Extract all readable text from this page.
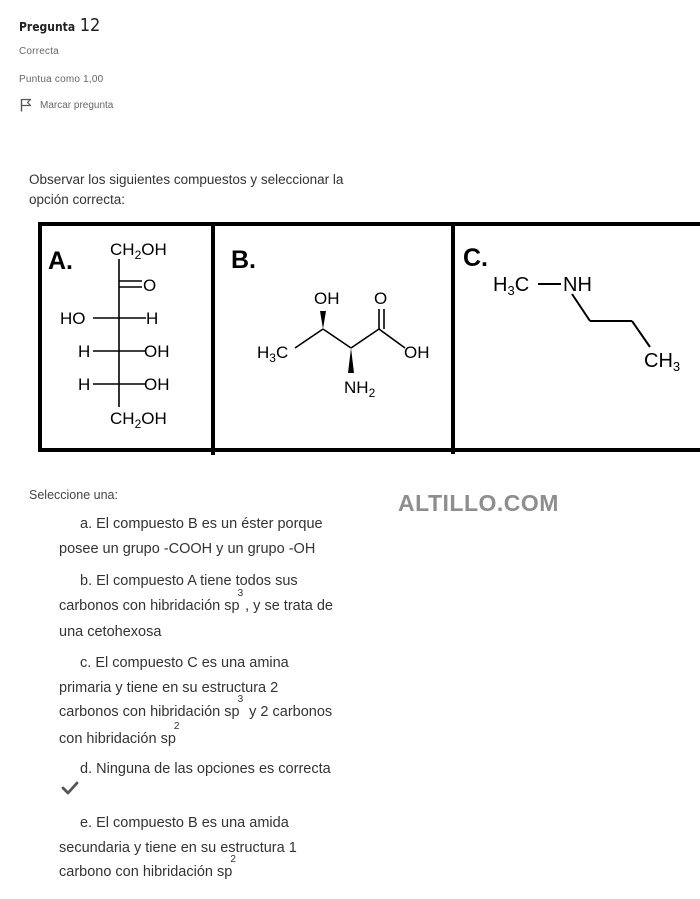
Pregunta 12
Correcta
Puntua como 1,00
Marcar pregunta
Observar los siguientes compuestos y seleccionar la opción correcta:
A. $CH_2OH$
O
HO	H
H	OH
H	OH
$CH_2OH$
B.
OH O
$H_3C$	OH
$NH_2$
C.
$H_3C$ NH
$CH_3$
Seleccione una:	ALTILLO.COM
a. El compuesto B es un éster porque
posee un grupo -COOH y un grupo -OH
b. El compuesto A tiene todos sus
carbonos con hibridación $sp^3$, y se trata de
una cetohexosa
c. El compuesto C es una amina
primaria y tiene en su estructura 2
carbonos con hibridación $sp^3$ y 2 carbonos
con hibridación $sp^2$
d. Ninguna de las opciones es correcta
e. El compuesto B es una amida
secundaria y tiene en su estructura 1
carbono con hibridación $sp^2$
